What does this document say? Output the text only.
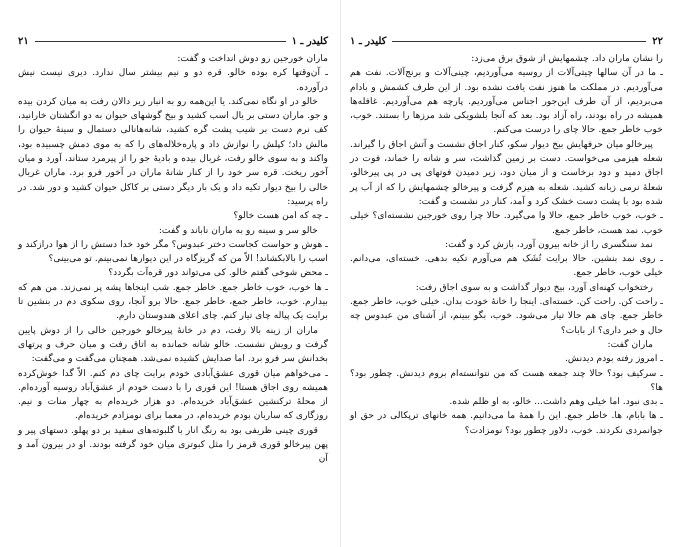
۲۱	کلیدر ـ ۱

ماران خورجین رو دوش انداخت و گفت:

ـ آن‌وقتها کره بوده خالو. قره دو و نیم بیشتر سال ندارد. دیری نیست نیش در‌آورده.

خالو در او نگاه نمی‌کند. یا این‌همه رو به انبار زیر دالان رفت به میان کردن بیده و جو. ماران دستی بر یال اسب کشید و بیخ گوشهای حیوان به دو انگشتان خارانید، کف نرم دست بر شیب پشت گره کشید، شانه‌ها‌نالی دستمال و سینهٔ حیوان را مالش داد؛ کپلش را نوازش داد و پاره‌خلاله‌های را که به موی دمش چسبیده بود، واکند و به سوی خالو رفت، غربال بیده و بادیهٔ جو را از پیرمرد ستاند، آورد و میان آخور ریخت. قره سر خود را از کنار شانهٔ ماران در آخور فرو برد. ماران غربال خالی را بیخ دیوار تکیه داد و یک بار دیگر دستی بر کاکل حیوان کشید و دور شد. در راه پرسید:

ـ چه که امن هست خالو؟

خالو سر و سینه رو به ماران ناباند و گفت:

ـ هوش و حواست کجاست دختر عبدوس؟ مگر خود خدا دستش را از هوا درازکند و اسب را بالابکشاند! الاّ من که گریزگاه در این دیوارها نمی‌بینم. تو می‌بینی؟

ـ محض شوخی گفتم خالو. کی می‌تواند دور قره‌آت بگردد؟

ـ ها خوب، خوب خاطر جمع. خاطر جمع. شب اینجاها پشه پر نمی‌زند. من هم که بیدارم. خوب، خاطر جمع، خاطر جمع. حالا برو آنجا، روی سکوی دم در بنشین تا برایت یک پیاله چای تیار کنم. چای اعلای هندوستان دارم.

ماران از زینه بالا رفت، دم در خانهٔ پیرخالو خورجین خالی را از دوش پایین گرفت و رویش نشست. خالو شانه خمانده به اتاق رفت و میان حرف و پرتهای بخدانش سر فرو برد. اما صدایش کشیده نمی‌شد. همچنان می‌گفت و می‌گفت:

ـ می‌خواهم میان قوری عشق‌آبادی خودم برایت چای دم کنم. الاّ گدا خوش‌کرده همیشه روی اجاق هستا! این قوری را با دست خودم از عشق‌آباد روسیه آورده‌ام. از محلهٔ ترکنشین عشق‌آباد خریده‌ام. دو هزار خریده‌ام به چهار منات و نیم. روزگاری که ساربان بودم خریده‌ام، در معما برای نو‌مزادم خریده‌ام.

قوری چینی ظریفی بود به رنگ انار با گلبوته‌های سفید بر دو پهلو. دستهای پیر و پهن پیرخالو قوری قرمز را مثل کبوتری میان خود گرفته بودند. او در بیرون آمد و آن

کلیدر ـ ۱	۲۲

را نشان ماران داد. چشمهایش از شوق برق می‌زد:

ـ ما در آن سالها چیتی‌آلات از روسیه می‌آوردیم، چینی‌آلات و برنج‌آلات. نفت هم می‌آوردیم. در مملکت ما هنوز نفت یافت نشده بود. از این طرف کشمش و بادام می‌بردیم، از آن طرف این‌جور اجناس می‌آوردیم. پارچه هم می‌آوردیم. غافله‌ها همیشه در راه بودند، راه آزاد بود. بعد که آنجا بلشویکی شد مرزها را بستند. خوب، خوب خاطر جمع. حالا چای را درست می‌کنم.

پیرخالو میان حرفهایش بیخ دیوار سکو، کنار اجاق نشست و آتش اجاق را گیراند. شعله هیزمی می‌خواست. دست بر زمین گذاشت، سر و شانه را خماند، فوت در اجاق دمید و دود برخاست و از میان دود، زیر دمیدن فوتهای پی در پی پیرخالو، شعلهٔ نرمی زبانه کشید. شعله به هیزم گرفت و پیرخالو چشمهایش را که از آب پر شده بود با پشت دست خشک کرد و آمد، کنار در نشست و گفت:

ـ خوب، خوب خاطر جمع، حالا وا می‌گیرد. حالا چرا روی خورجین نشسته‌ای؟ خیلی خوب. نمد هست، خاطر جمع.

نمد سنگسری را از خانه بیرون آورد، بازش کرد و گفت:

ـ روی نمد بنشین. حالا برایت تُشَک هم می‌آورم تکیه بدهی. خسته‌ای، می‌دانم. خیلی خوب، خاطر جمع.

رختخواب کهنه‌ای آورد، بیخ دیوار گذاشت و به سوی اجاق رفت:

ـ راحت کن. راحت کن. خسته‌ای. اینجا را خانهٔ خودت بدان. خیلی خوب، خاطر جمع. خاطر جمع. چای هم حالا تیار می‌شود. خوب، بگو ببینم، از آشنای من عبدوس چه حال و خبر داری؟ از بابات؟

ماران گفت:

ـ امروز رفته بودم دیدنش.

ـ سرکیف بود؟ حالا چند جمعه هست که من نتوانسته‌ام بروم دیدنش. چطور بود؟ ها؟

ـ بدی نبود. اما خیلی وهم داشت... خالو، به او ظلم شده.

ـ ها بابام، ها. خاطر جمع. این را همهٔ ما می‌دانیم. همه خانهای ترپکالی در حق او جوانمردی نکردند. خوب، دلاور چطور بود؟ نومزادت؟
